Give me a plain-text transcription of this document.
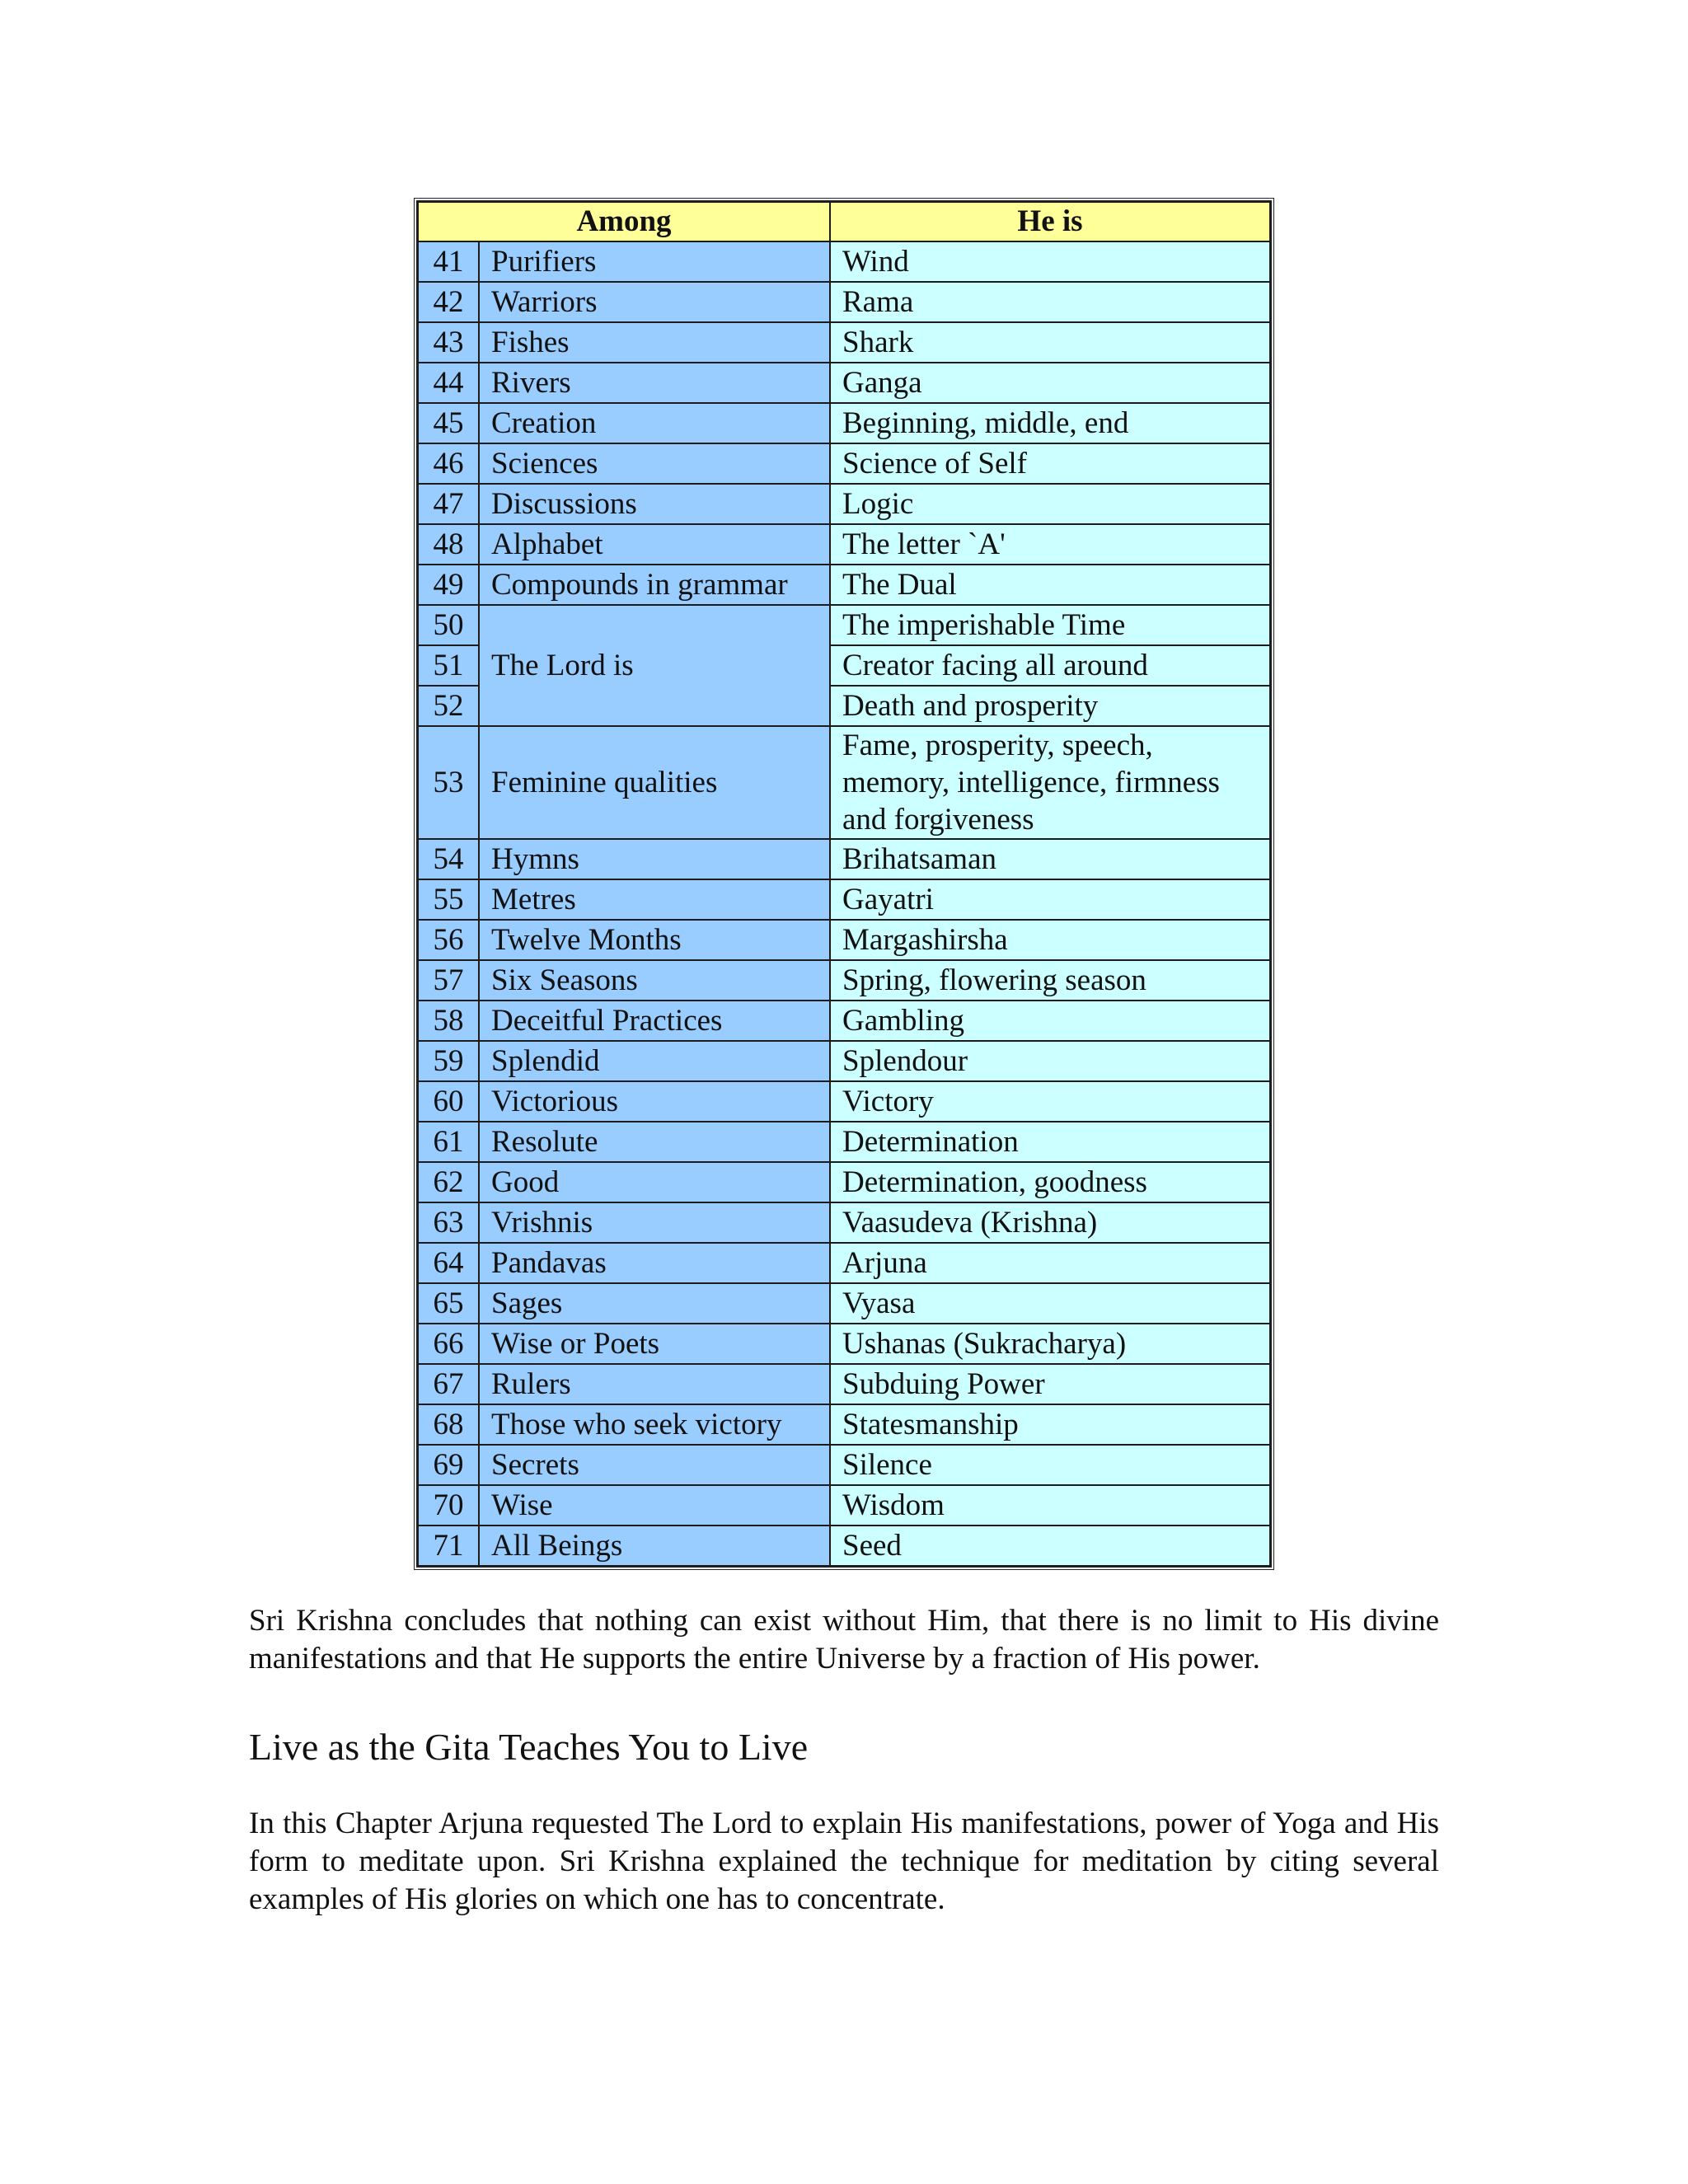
Among		He is
41	Purifiers	Wind
42	Warriors	Rama
43	Fishes	Shark
44	Rivers	Ganga
45	Creation	Beginning, middle, end
46	Sciences	Science of Self
47	Discussions	Logic
48	Alphabet	The letter `A'
49	Compounds in grammar	The Dual
50	The Lord is	The imperishable Time
51		Creator facing all around
52		Death and prosperity
53	Feminine qualities	Fame, prosperity, speech, memory, intelligence, firmness and forgiveness
54	Hymns	Brihatsaman
55	Metres	Gayatri
56	Twelve Months	Margashirsha
57	Six Seasons	Spring, flowering season
58	Deceitful Practices	Gambling
59	Splendid	Splendour
60	Victorious	Victory
61	Resolute	Determination
62	Good	Determination, goodness
63	Vrishnis	Vaasudeva (Krishna)
64	Pandavas	Arjuna
65	Sages	Vyasa
66	Wise or Poets	Ushanas (Sukracharya)
67	Rulers	Subduing Power
68	Those who seek victory	Statesmanship
69	Secrets	Silence
70	Wise	Wisdom
71	All Beings	Seed

Sri Krishna concludes that nothing can exist without Him, that there is no limit to His divine manifestations and that He supports the entire Universe by a fraction of His power.

Live as the Gita Teaches You to Live

In this Chapter Arjuna requested The Lord to explain His manifestations, power of Yoga and His form to meditate upon. Sri Krishna explained the technique for meditation by citing several examples of His glories on which one has to concentrate.
